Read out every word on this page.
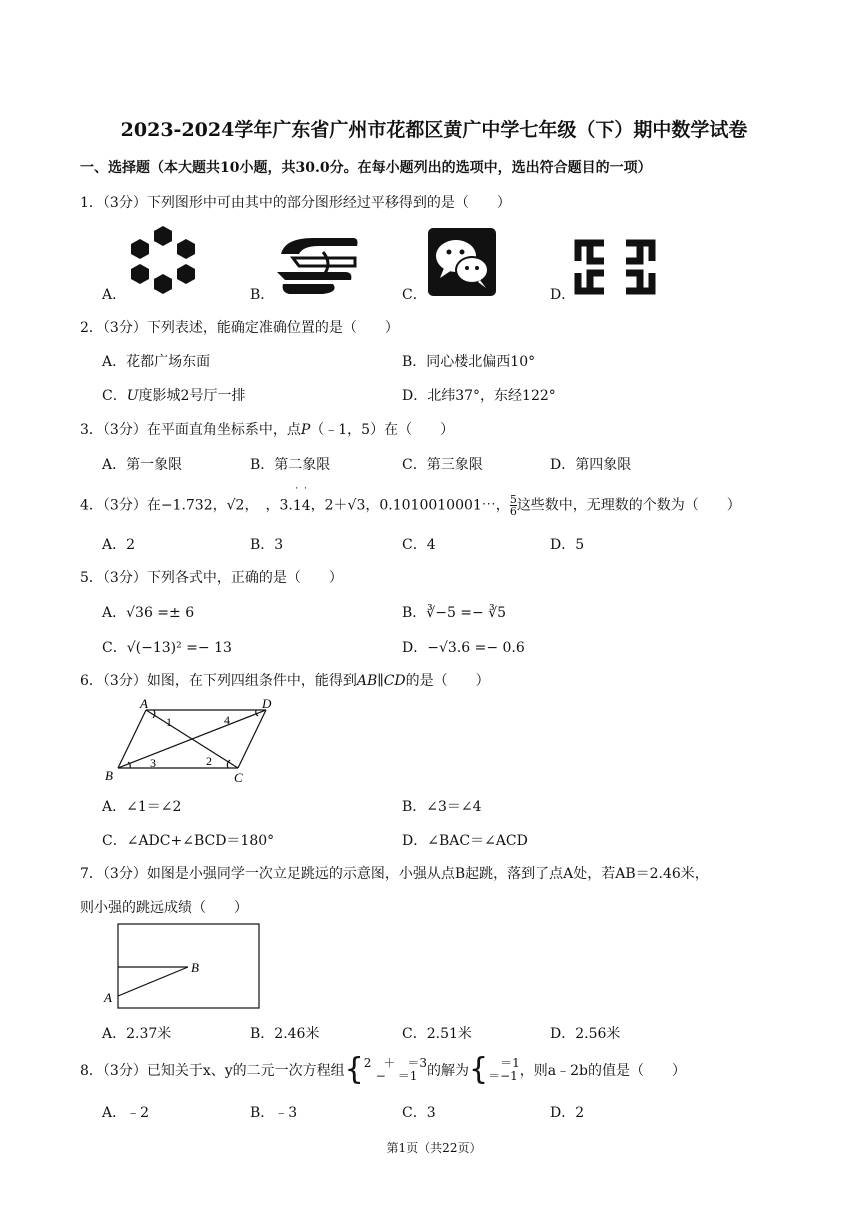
2023-2024学年广东省广州市花都区黄广中学七年级（下）期中数学试卷
一、选择题（本大题共10小题，共30.0分。在每小题列出的选项中，选出符合题目的一项）
1．（3分）下列图形中可由其中的部分图形经过平移得到的是（　　）
A．	B．	C．	D．
2．（3分）下列表述，能确定准确位置的是（　　）
A．花都广场东面	B．同心楼北偏西10°
C．U度影城2号厅一排	D．北纬37°，东经122°
3．（3分）在平面直角坐标系中，点P（﹣1，5）在（　　）
A．第一象限	B．第二象限	C．第三象限	D．第四象限
4．（3分）在−1.732，√2，　，3.
˙ ˙
14，2＋√3，0.1010010001⋯， $\frac{5}{6}$ 这些数中，无理数的个数为（　　）
A．2	B．3	C．4	D．5
5．（3分）下列各式中，正确的是（　　）
A．√36 =± 6	B．∛−5 =− ∛5
C．√(−13)² =− 13	D．−√3.6 =− 0.6
6．（3分）如图，在下列四组条件中，能得到AB∥CD的是（　　）
A	D
B	C
1
2
3
4
A．∠1＝∠2	B．∠3＝∠4
C．∠ADC+∠BCD＝180°	D．∠BAC＝∠ACD
7．（3分）如图是小强同学一次立足跳远的示意图，小强从点B起跳，落到了点A处，若AB＝2.46米，
则小强的跳远成绩（　　）
B
A
A．2.37米	B．2.46米	C．2.51米	D．2.56米
8．（3分）已知关于x、y的二元一次方程组 { 2　＋　＝3
　−　＝1 的解为 { 　＝1
＝−1 ，则a﹣2b的值是（　　）
A．﹣2	B．﹣3	C．3	D．2
第1页（共22页）
